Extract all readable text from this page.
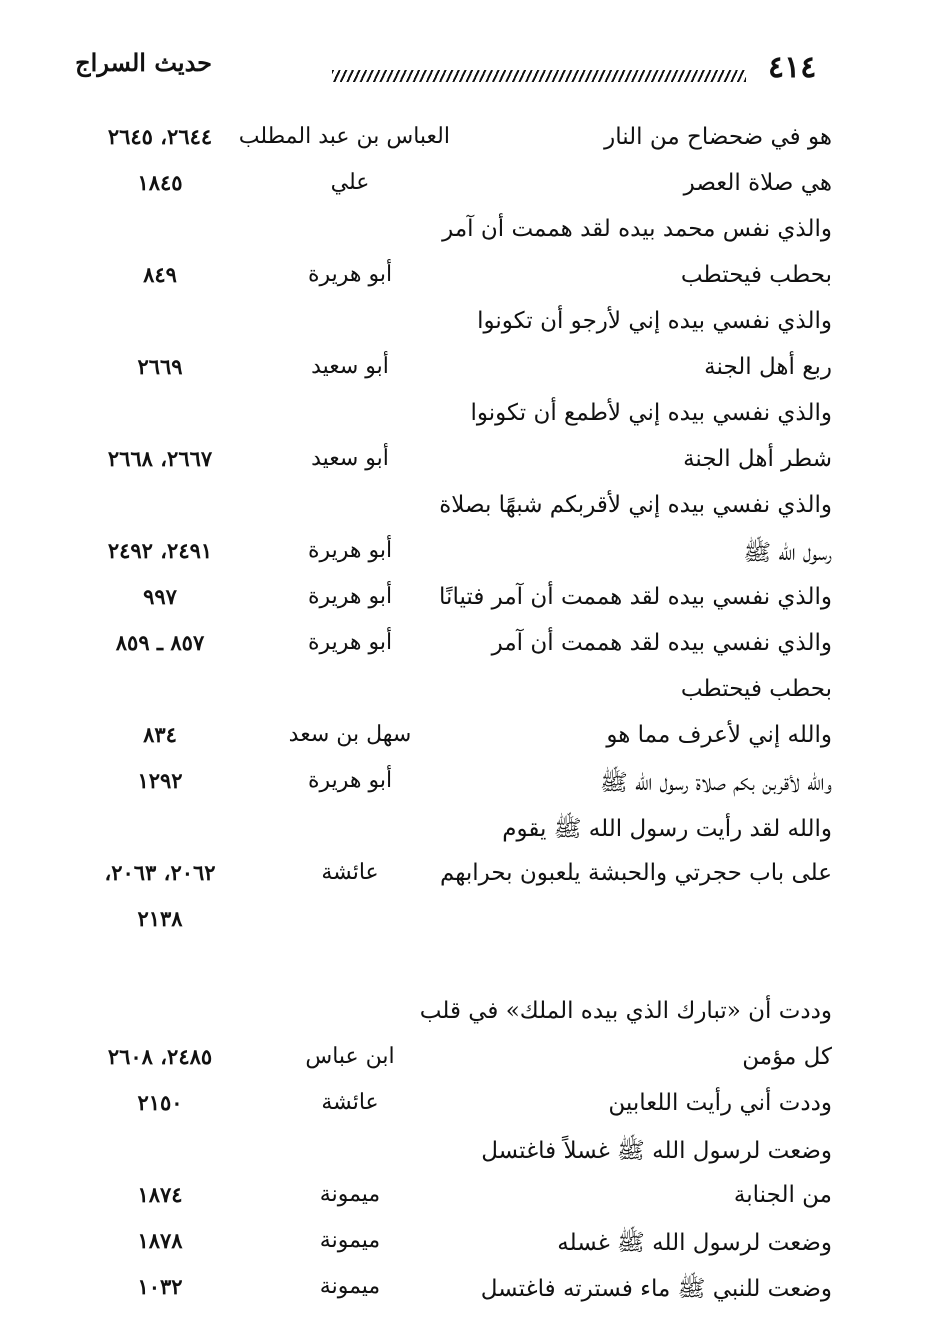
٤١٤
حديث السراج
هو في ضحضاح من النار
العباس بن عبد المطلب
٢٦٤٤، ٢٦٤٥
هي صلاة العصر
علي
١٨٤٥
والذي نفس محمد بيده لقد هممت أن آمر
بحطب فيحتطب
أبو هريرة
٨٤٩
والذي نفسي بيده إني لأرجو أن تكونوا
ربع أهل الجنة
أبو سعيد
٢٦٦٩
والذي نفسي بيده إني لأطمع أن تكونوا
شطر أهل الجنة
أبو سعيد
٢٦٦٧، ٢٦٦٨
والذي نفسي بيده إني لأقربكم شبهًا بصلاة
رسول الله ﷺ
أبو هريرة
٢٤٩١، ٢٤٩٢
والذي نفسي بيده لقد هممت أن آمر فتيانًا
أبو هريرة
٩٩٧
والذي نفسي بيده لقد هممت أن آمر
أبو هريرة
٨٥٧ ـ ٨٥٩
بحطب فيحتطب
والله إني لأعرف مما هو
سهل بن سعد
٨٣٤
والله لأقربن بكم صلاة رسول الله ﷺ
أبو هريرة
١٢٩٢
والله لقد رأيت رسول الله ﷺ يقوم
على باب حجرتي والحبشة يلعبون بحرابهم
عائشة
٢٠٦٢، ٢٠٦٣،
٢١٣٨
وددت أن «تبارك الذي بيده الملك» في قلب
كل مؤمن
ابن عباس
٢٤٨٥، ٢٦٠٨
وددت أني رأيت اللعابين
عائشة
٢١٥٠
وضعت لرسول الله ﷺ غسلاً فاغتسل
من الجنابة
ميمونة
١٨٧٤
وضعت لرسول الله ﷺ غسله
ميمونة
١٨٧٨
وضعت للنبي ﷺ ماء فسترته فاغتسل
ميمونة
١٠٣٢
